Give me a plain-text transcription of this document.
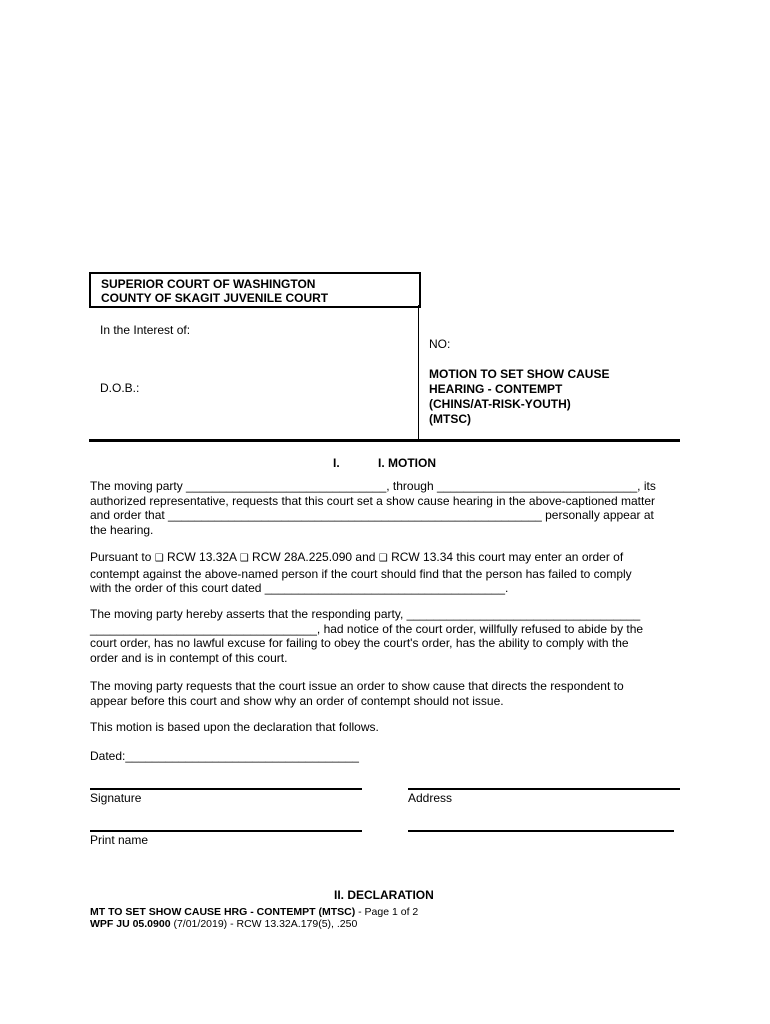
SUPERIOR COURT OF WASHINGTON
COUNTY OF SKAGIT JUVENILE COURT
In the Interest of:
D.O.B.:
NO:
MOTION TO SET SHOW CAUSE
HEARING - CONTEMPT
(CHINS/AT-RISK-YOUTH)
(MTSC)
I.	I. MOTION
The moving party ______________________________, through ______________________________, its
authorized representative, requests that this court set a show cause hearing in the above-captioned matter
and order that ________________________________________________________ personally appear at
the hearing.
Pursuant to ❑ RCW 13.32A ❑ RCW 28A.225.090 and ❑ RCW 13.34 this court may enter an order of
contempt against the above-named person if the court should find that the person has failed to comply
with the order of this court dated ____________________________________.
The moving party hereby asserts that the responding party, ___________________________________
__________________________________, had notice of the court order, willfully refused to abide by the
court order, has no lawful excuse for failing to obey the court's order, has the ability to comply with the
order and is in contempt of this court.
The moving party requests that the court issue an order to show cause that directs the respondent to
appear before this court and show why an order of contempt should not issue.
This motion is based upon the declaration that follows.
Dated:___________________________________
Signature	Address
Print name
II. DECLARATION
MT TO SET SHOW CAUSE HRG - CONTEMPT (MTSC) - Page 1 of 2
WPF JU 05.0900 (7/01/2019) - RCW 13.32A.179(5), .250
